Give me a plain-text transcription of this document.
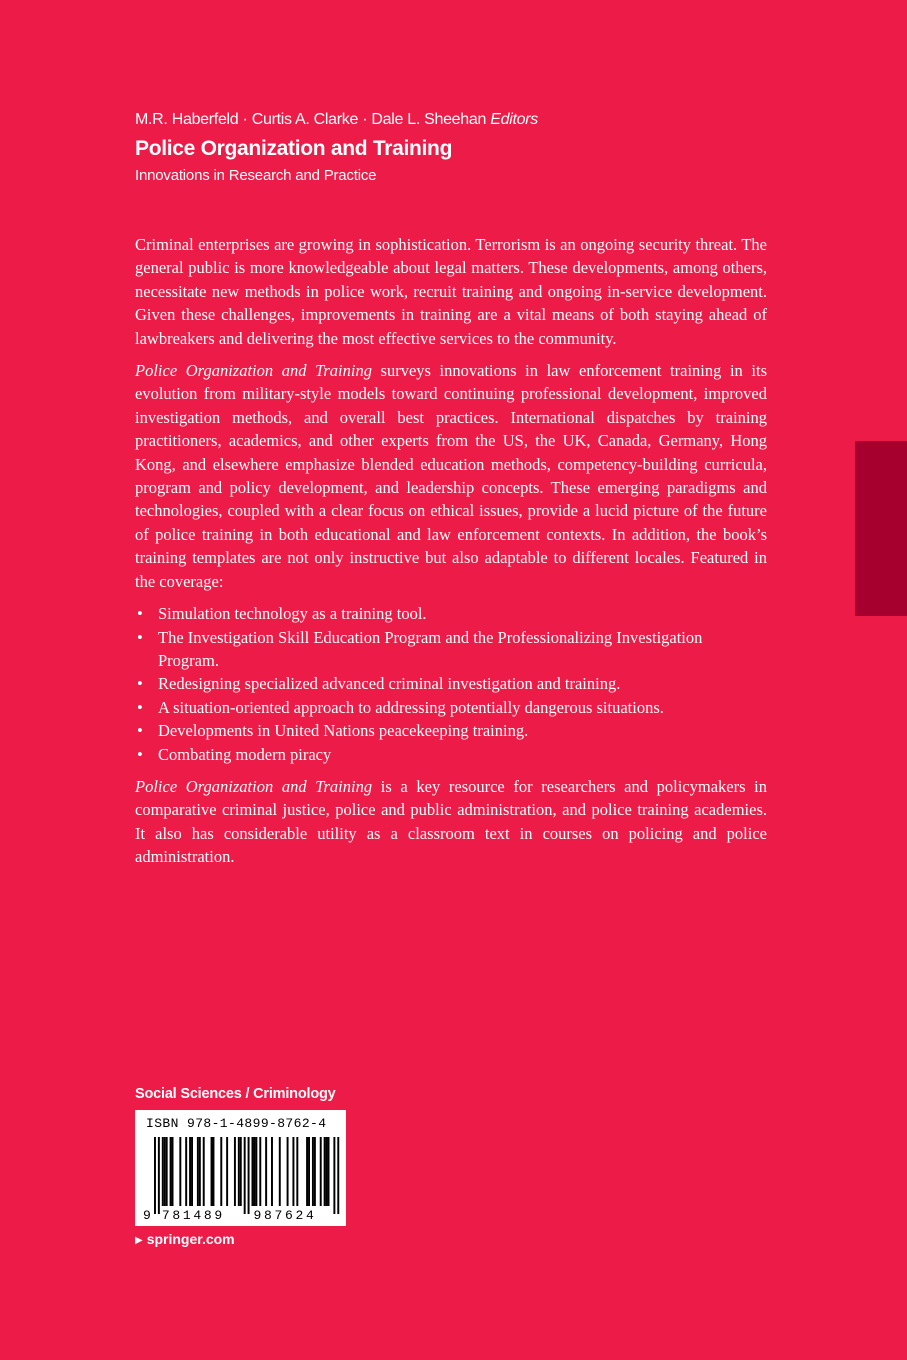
M.R. Haberfeld · Curtis A. Clarke · Dale L. Sheehan Editors
Police Organization and Training
Innovations in Research and Practice

Criminal enterprises are growing in sophistication. Terrorism is an ongoing security threat. The general public is more knowledgeable about legal matters. These developments, among others, necessitate new methods in police work, recruit training and ongoing in-service development. Given these challenges, improvements in training are a vital means of both staying ahead of lawbreakers and delivering the most effective services to the community.

Police Organization and Training surveys innovations in law enforcement training in its evolution from military-style models toward continuing professional development, improved investigation methods, and overall best practices. International dispatches by training practitioners, academics, and other experts from the US, the UK, Canada, Germany, Hong Kong, and elsewhere emphasize blended education methods, competency-building curricula, program and policy development, and leadership concepts. These emerging paradigms and technologies, coupled with a clear focus on ethical issues, provide a lucid picture of the future of police training in both educational and law enforcement contexts. In addition, the book’s training templates are not only instructive but also adaptable to different locales. Featured in the coverage:

• Simulation technology as a training tool.
• The Investigation Skill Education Program and the Professionalizing Investigation Program.
• Redesigning specialized advanced criminal investigation and training.
• A situation-oriented approach to addressing potentially dangerous situations.
• Developments in United Nations peacekeeping training.
• Combating modern piracy

Police Organization and Training is a key resource for researchers and policymakers in comparative criminal justice, police and public administration, and police training academies. It also has considerable utility as a classroom text in courses on policing and police administration.

Social Sciences / Criminology
9 781489 987624
ISBN 978-1-4899-8762-4
▶ springer.com
